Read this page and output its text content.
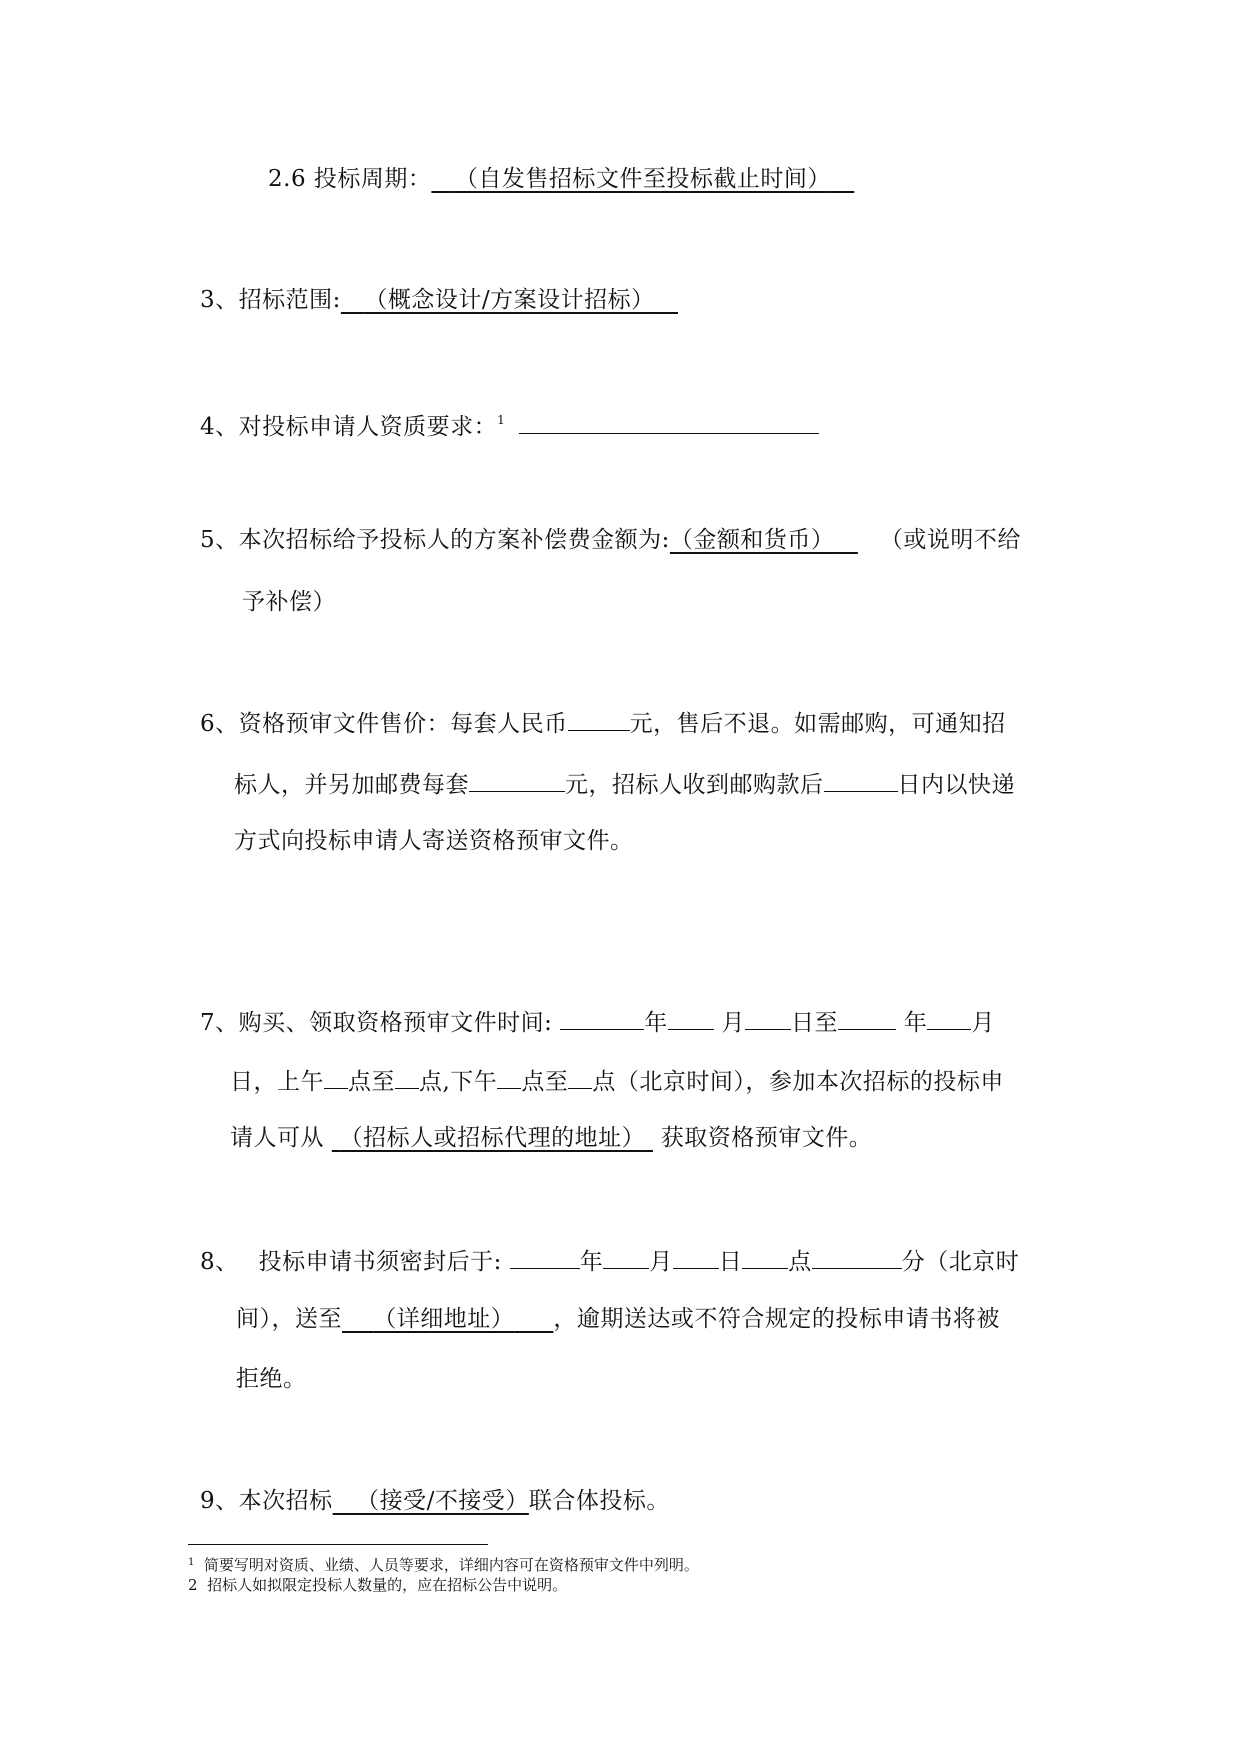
2.6 投标周期： （自发售招标文件至投标截止时间）
3、招标范围: （概念设计/方案设计招标）
4、对投标申请人资质要求：$^1$
5、本次招标给予投标人的方案补偿费金额为:（金额和货币） （或说明不给
予补偿）
6、资格预审文件售价：每套人民币	元，售后不退。如需邮购，可通知招
标人，并另加邮费每套	元，招标人收到邮购款后	日内以快递
方式向投标申请人寄送资格预审文件。
7、购买、领取资格预审文件时间:	年 月 日至	年 月
日，上午 点至 点,下午 点至 点（北京时间），参加本次招标的投标申
请人可从 （招标人或招标代理的地址） 获取资格预审文件。
8、 投标申请书须密封后于:	年 月 日 点	分（北京时
间），送至 （详细地址） ，逾期送达或不符合规定的投标申请书将被
拒绝。
9、本次招标 （接受/不接受）联合体投标。
$^1$ 简要写明对资质、业绩、人员等要求，详细内容可在资格预审文件中列明。
2 招标人如拟限定投标人数量的，应在招标公告中说明。
